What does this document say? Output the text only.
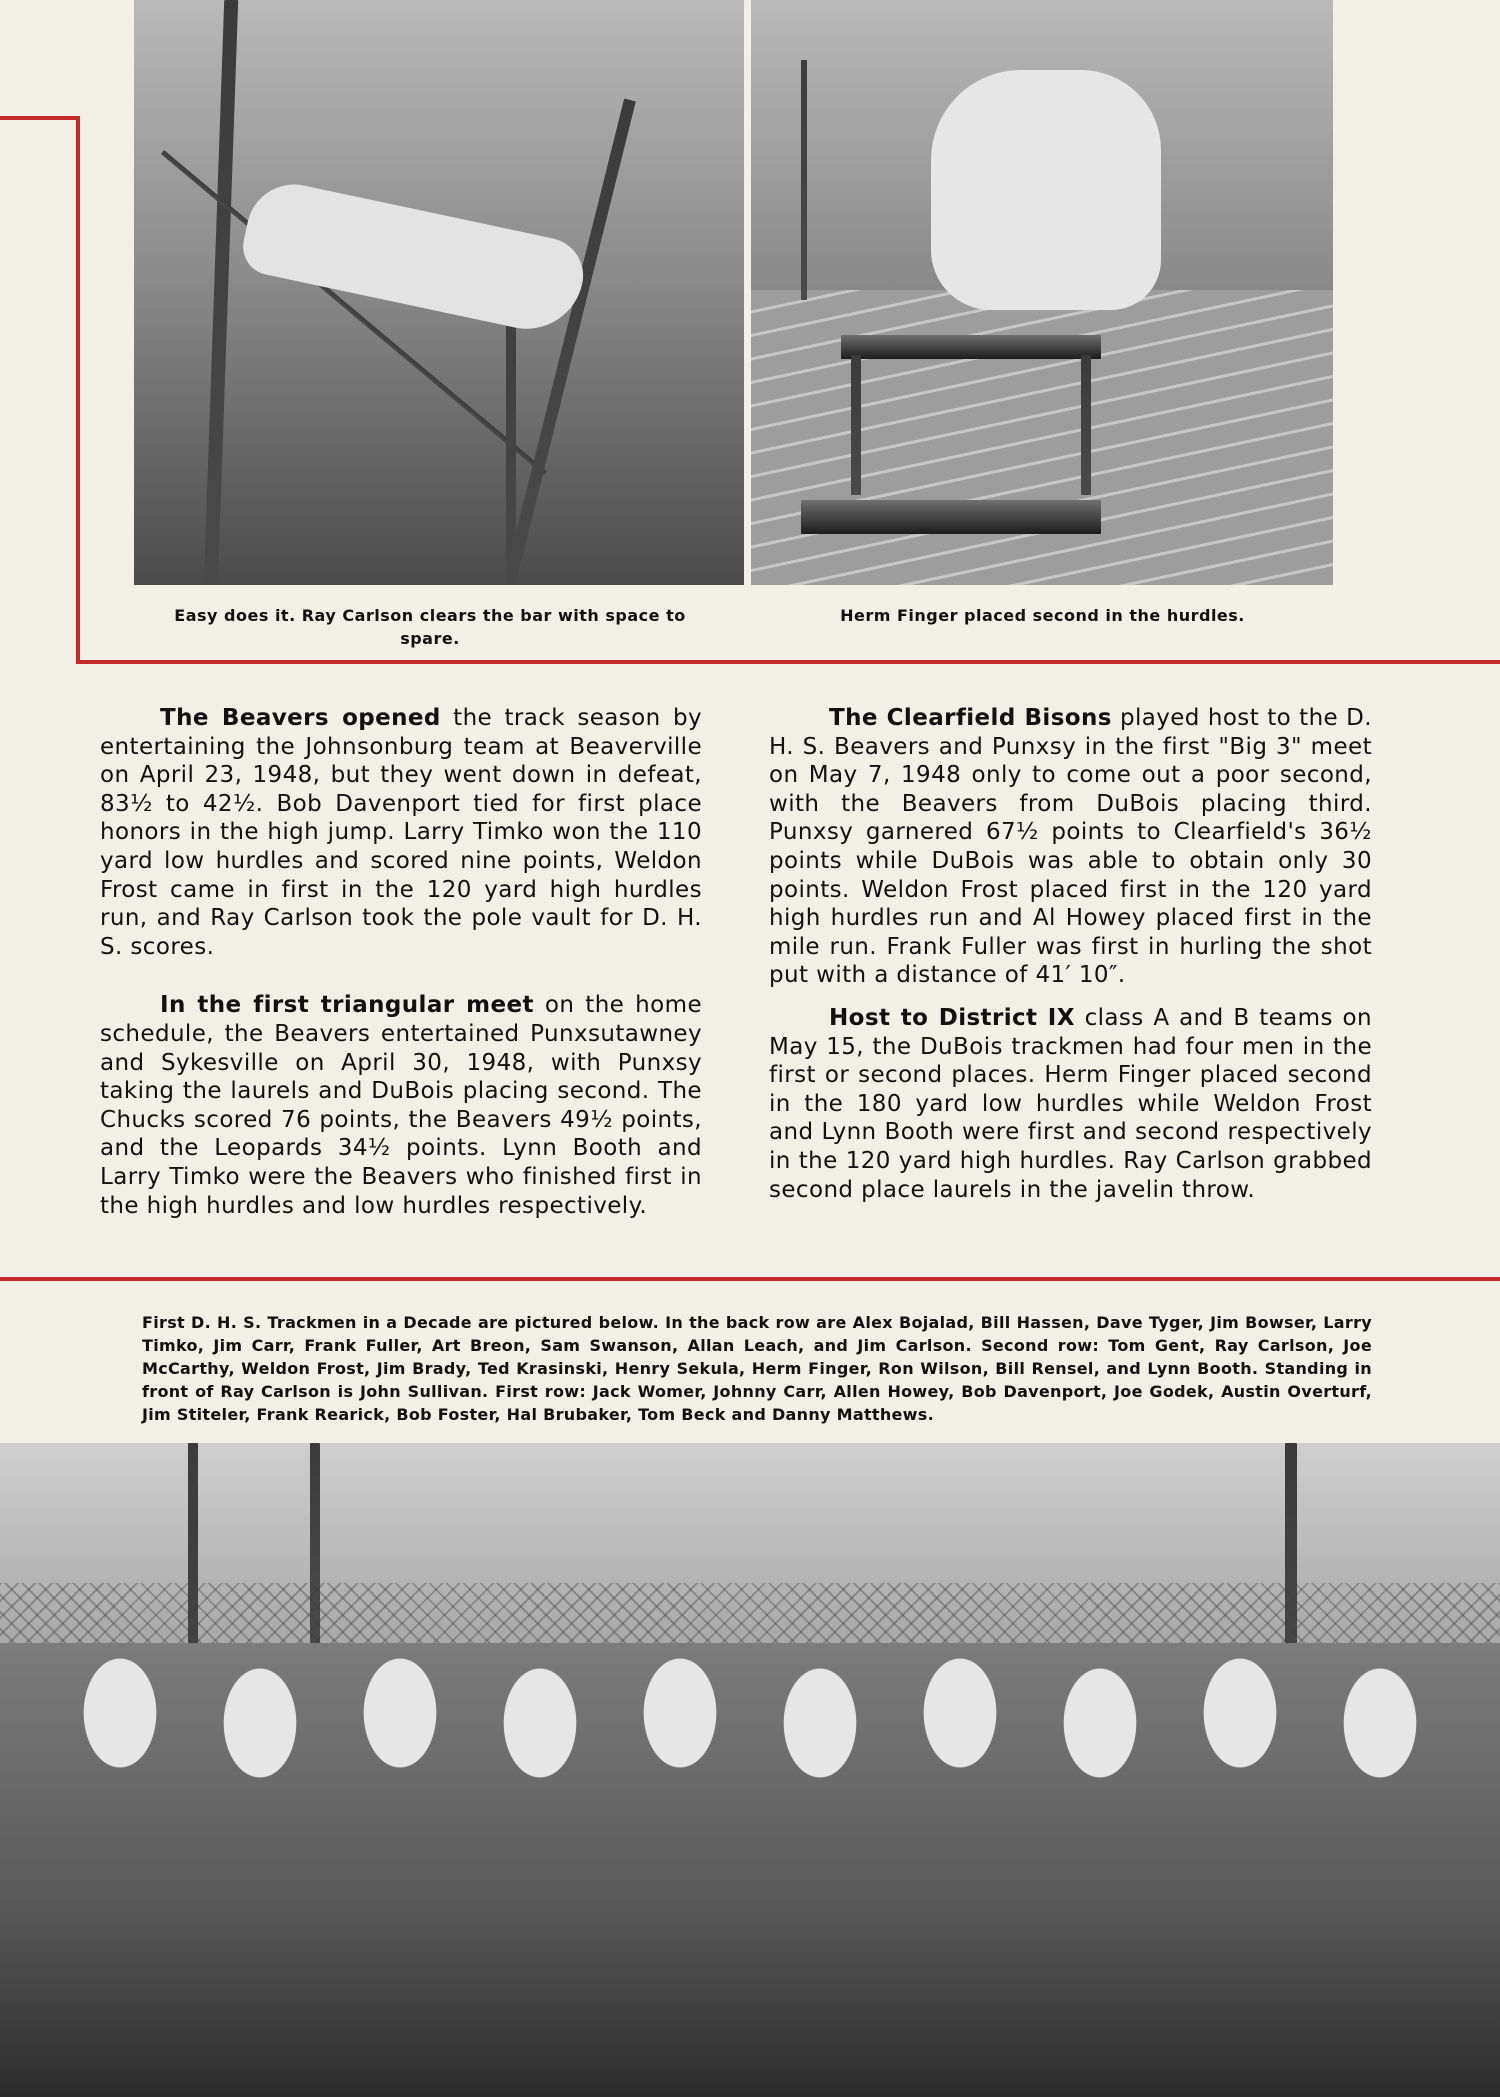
Easy does it. Ray Carlson clears the bar with space to spare.
Herm Finger placed second in the hurdles.

The Beavers opened the track season by entertaining the Johnsonburg team at Beaverville on April 23, 1948, but they went down in defeat, 83½ to 42½. Bob Davenport tied for first place honors in the high jump. Larry Timko won the 110 yard low hurdles and scored nine points, Weldon Frost came in first in the 120 yard high hurdles run, and Ray Carlson took the pole vault for D. H. S. scores.

In the first triangular meet on the home schedule, the Beavers entertained Punxsutawney and Sykesville on April 30, 1948, with Punxsy taking the laurels and DuBois placing second. The Chucks scored 76 points, the Beavers 49½ points, and the Leopards 34½ points. Lynn Booth and Larry Timko were the Beavers who finished first in the high hurdles and low hurdles respectively.

The Clearfield Bisons played host to the D. H. S. Beavers and Punxsy in the first "Big 3" meet on May 7, 1948 only to come out a poor second, with the Beavers from DuBois placing third. Punxsy garnered 67½ points to Clearfield's 36½ points while DuBois was able to obtain only 30 points. Weldon Frost placed first in the 120 yard high hurdles run and Al Howey placed first in the mile run. Frank Fuller was first in hurling the shot put with a distance of 41′ 10″.

Host to District IX class A and B teams on May 15, the DuBois trackmen had four men in the first or second places. Herm Finger placed second in the 180 yard low hurdles while Weldon Frost and Lynn Booth were first and second respectively in the 120 yard high hurdles. Ray Carlson grabbed second place laurels in the javelin throw.

First D. H. S. Trackmen in a Decade are pictured below. In the back row are Alex Bojalad, Bill Hassen, Dave Tyger, Jim Bowser, Larry Timko, Jim Carr, Frank Fuller, Art Breon, Sam Swanson, Allan Leach, and Jim Carlson. Second row: Tom Gent, Ray Carlson, Joe McCarthy, Weldon Frost, Jim Brady, Ted Krasinski, Henry Sekula, Herm Finger, Ron Wilson, Bill Rensel, and Lynn Booth. Standing in front of Ray Carlson is John Sullivan. First row: Jack Womer, Johnny Carr, Allen Howey, Bob Davenport, Joe Godek, Austin Overturf, Jim Stiteler, Frank Rearick, Bob Foster, Hal Brubaker, Tom Beck and Danny Matthews.
